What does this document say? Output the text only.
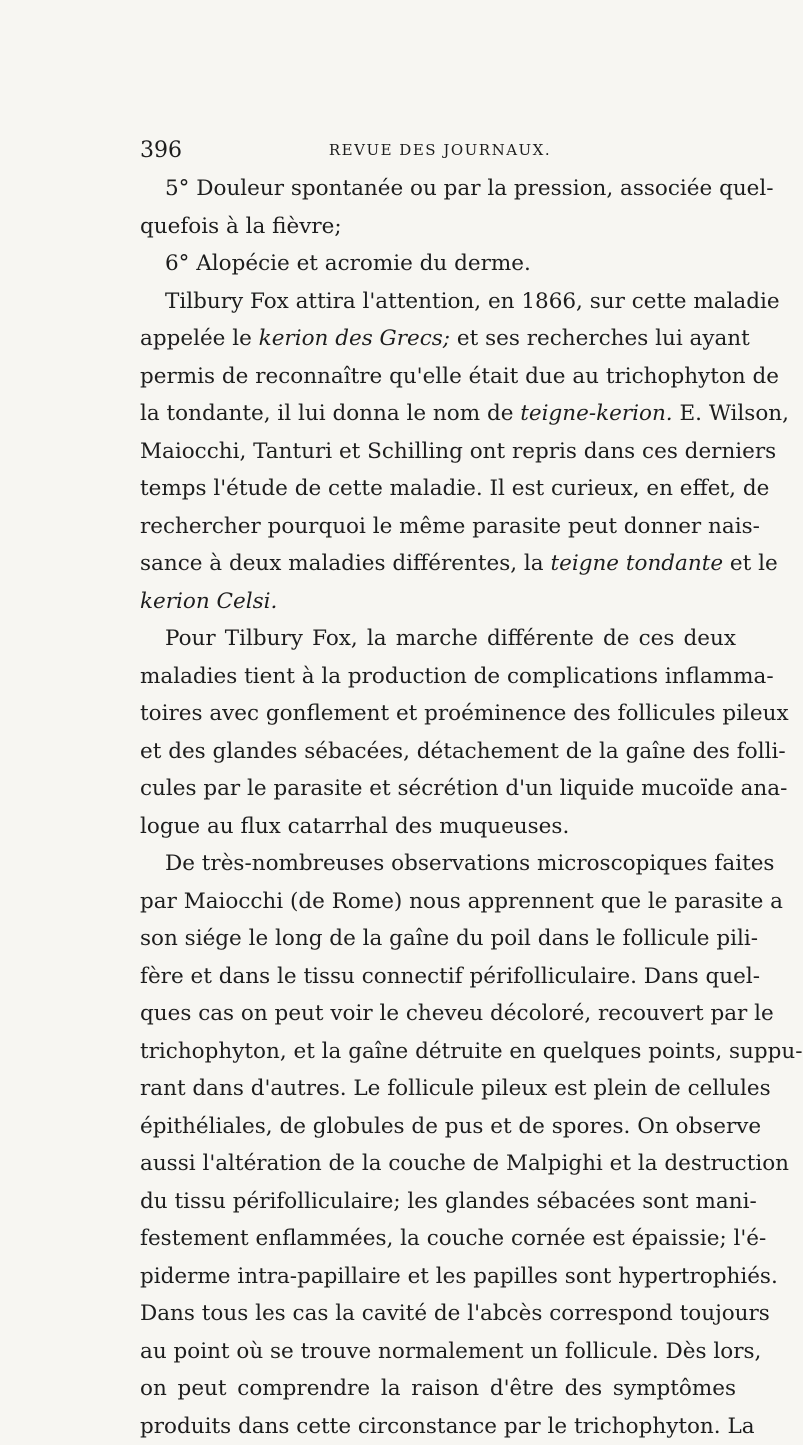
396	REVUE DES JOURNAUX.
5° Douleur spontanée ou par la pression, associée quel-
quefois à la fièvre;
6° Alopécie et acromie du derme.
Tilbury Fox attira l'attention, en 1866, sur cette maladie
appelée le kerion des Grecs; et ses recherches lui ayant
permis de reconnaître qu'elle était due au trichophyton de
la tondante, il lui donna le nom de teigne-kerion. E. Wilson,
Maiocchi, Tanturi et Schilling ont repris dans ces derniers
temps l'étude de cette maladie. Il est curieux, en effet, de
rechercher pourquoi le même parasite peut donner nais-
sance à deux maladies différentes, la teigne tondante et le
kerion Celsi.
Pour Tilbury Fox, la marche différente de ces deux
maladies tient à la production de complications inflamma-
toires avec gonflement et proéminence des follicules pileux
et des glandes sébacées, détachement de la gaîne des folli-
cules par le parasite et sécrétion d'un liquide mucoïde ana-
logue au flux catarrhal des muqueuses.
De très-nombreuses observations microscopiques faites
par Maiocchi (de Rome) nous apprennent que le parasite a
son siége le long de la gaîne du poil dans le follicule pili-
fère et dans le tissu connectif périfolliculaire. Dans quel-
ques cas on peut voir le cheveu décoloré, recouvert par le
trichophyton, et la gaîne détruite en quelques points, suppu-
rant dans d'autres. Le follicule pileux est plein de cellules
épithéliales, de globules de pus et de spores. On observe
aussi l'altération de la couche de Malpighi et la destruction
du tissu périfolliculaire; les glandes sébacées sont mani-
festement enflammées, la couche cornée est épaissie; l'é-
piderme intra-papillaire et les papilles sont hypertrophiés.
Dans tous les cas la cavité de l'abcès correspond toujours
au point où se trouve normalement un follicule. Dès lors,
on peut comprendre la raison d'être des symptômes
produits dans cette circonstance par le trichophyton. La
